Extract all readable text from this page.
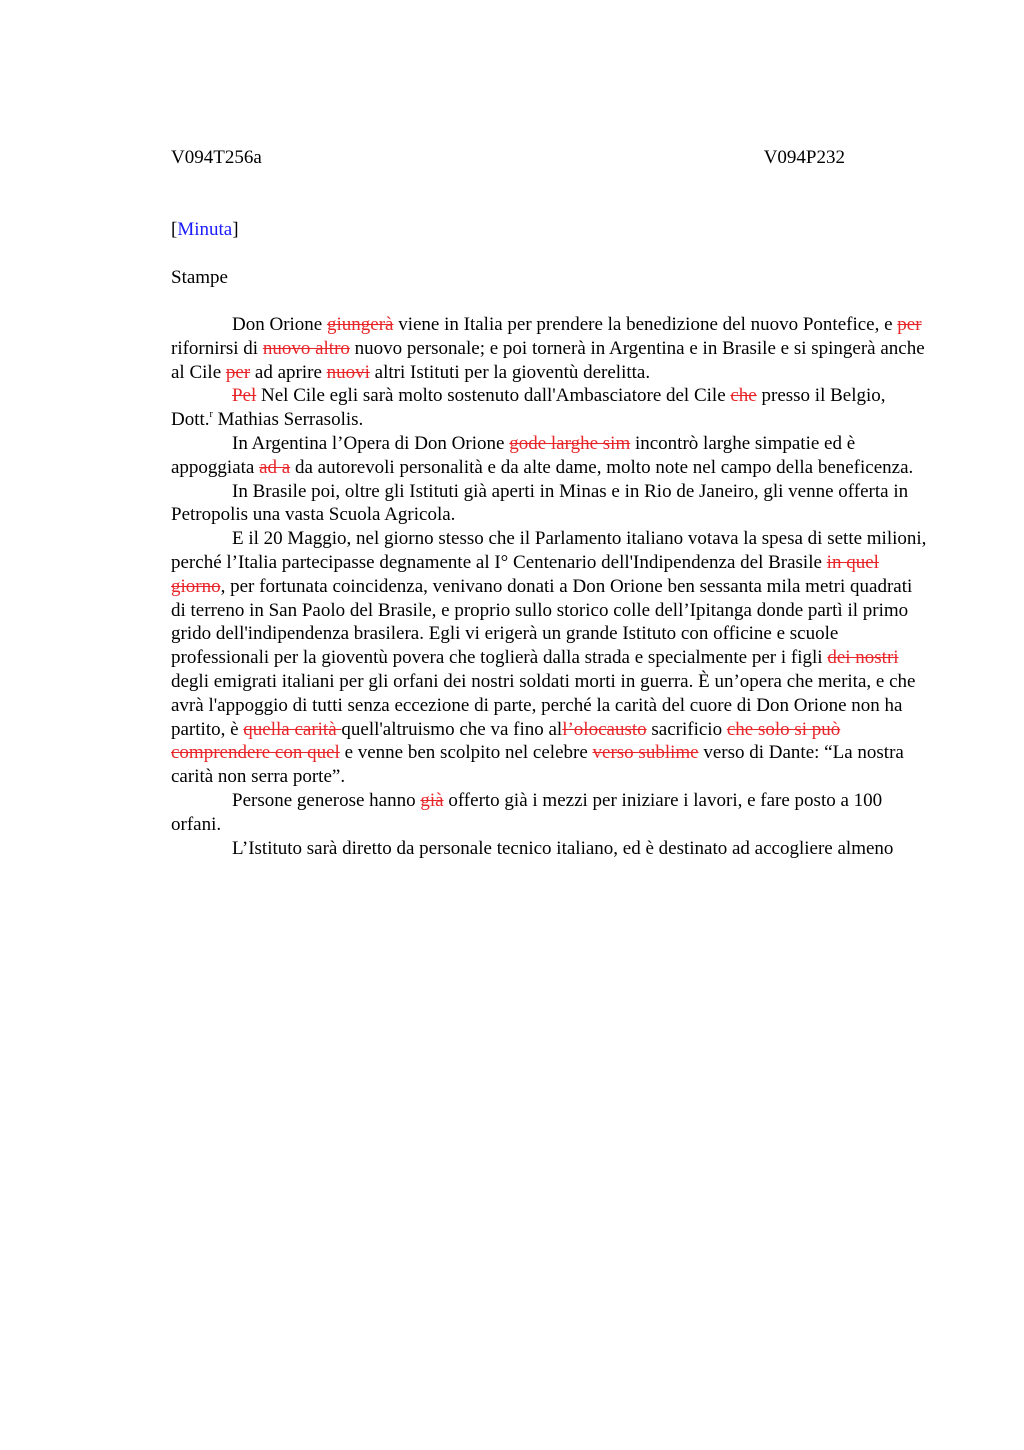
V094T256a	V094P232
[Minuta]
Stampe

Don Orione giungerà viene in Italia per prendere la benedizione del nuovo Pontefice, e per rifornirsi di nuovo altro nuovo personale; e poi tornerà in Argentina e in Brasile e si spingerà anche al Cile per ad aprire nuovi altri Istituti per la gioventù derelitta.

Pel Nel Cile egli sarà molto sostenuto dall'Ambasciatore del Cile che presso il Belgio,
Dott.$^r$ Mathias Serrasolis.

In Argentina l’Opera di Don Orione gode larghe sim incontrò larghe simpatie ed è appoggiata ad a da autorevoli personalità e da alte dame, molto note nel campo della beneficenza.

In Brasile poi, oltre gli Istituti già aperti in Minas e in Rio de Janeiro, gli venne offerta in Petropolis una vasta Scuola Agricola.

E il 20 Maggio, nel giorno stesso che il Parlamento italiano votava la spesa di sette milioni, perché l’Italia partecipasse degnamente al I° Centenario dell'Indipendenza del Brasile in quel giorno, per fortunata coincidenza, venivano donati a Don Orione ben sessanta mila metri quadrati di terreno in San Paolo del Brasile, e proprio sullo storico colle dell’Ipitanga donde partì il primo grido dell'indipendenza brasilera. Egli vi erigerà un grande Istituto con officine e scuole professionali per la gioventù povera che toglierà dalla strada e specialmente per i figli dei nostri degli emigrati italiani per gli orfani dei nostri soldati morti in guerra. È un’opera che merita, e che avrà l'appoggio di tutti senza eccezione di parte, perché la carità del cuore di Don Orione non ha partito, è quella carità quell'altruismo che va fino all’olocausto sacrificio che solo si può comprendere con quel e venne ben scolpito nel celebre verso sublime verso di Dante: “La nostra carità non serra porte”.

Persone generose hanno già offerto già i mezzi per iniziare i lavori, e fare posto a 100
orfani.

L’Istituto sarà diretto da personale tecnico italiano, ed è destinato ad accogliere almeno
